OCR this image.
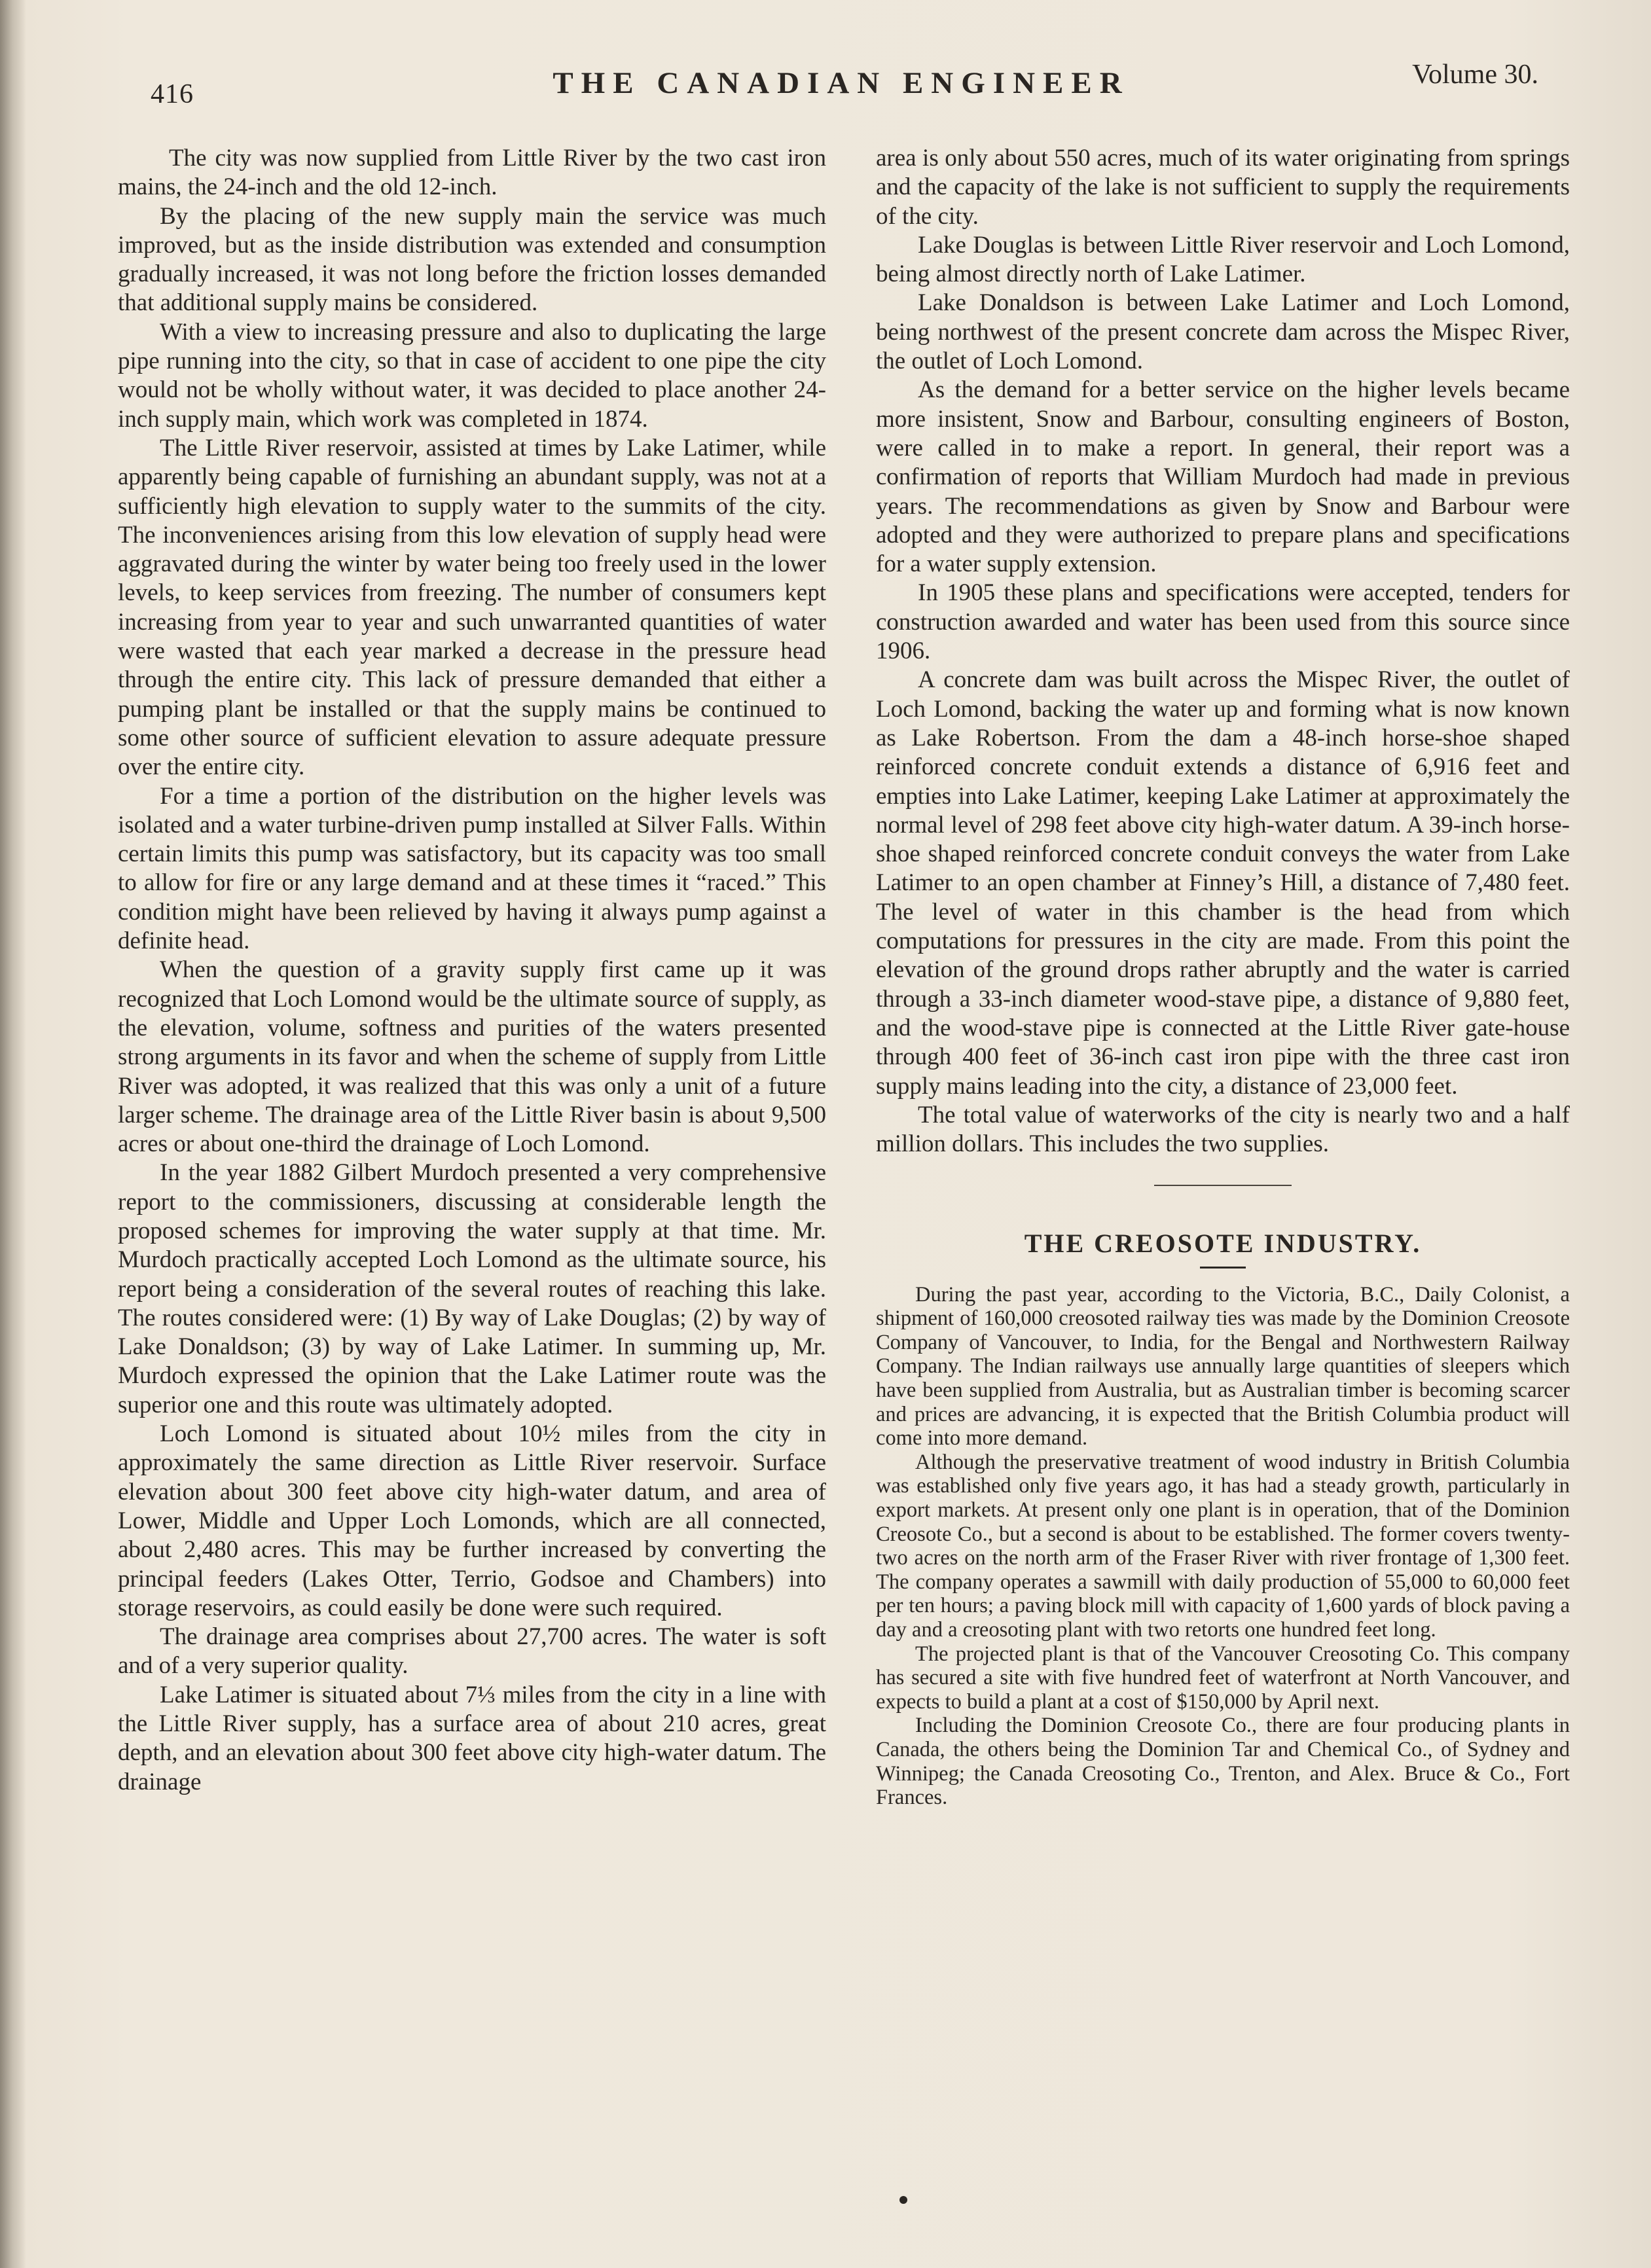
416	THE CANADIAN ENGINEER	Volume 30.

The city was now supplied from Little River by the two cast iron mains, the 24-inch and the old 12-inch.

By the placing of the new supply main the service was much improved, but as the inside distribution was extended and consumption gradually increased, it was not long before the friction losses demanded that additional supply mains be considered.

With a view to increasing pressure and also to duplicating the large pipe running into the city, so that in case of accident to one pipe the city would not be wholly without water, it was decided to place another 24-inch supply main, which work was completed in 1874.

The Little River reservoir, assisted at times by Lake Latimer, while apparently being capable of furnishing an abundant supply, was not at a sufficiently high elevation to supply water to the summits of the city. The inconveniences arising from this low elevation of supply head were aggravated during the winter by water being too freely used in the lower levels, to keep services from freezing. The number of consumers kept increasing from year to year and such unwarranted quantities of water were wasted that each year marked a decrease in the pressure head through the entire city. This lack of pressure demanded that either a pumping plant be installed or that the supply mains be continued to some other source of sufficient elevation to assure adequate pressure over the entire city.

For a time a portion of the distribution on the higher levels was isolated and a water turbine-driven pump installed at Silver Falls. Within certain limits this pump was satisfactory, but its capacity was too small to allow for fire or any large demand and at these times it “raced.” This condition might have been relieved by having it always pump against a definite head.

When the question of a gravity supply first came up it was recognized that Loch Lomond would be the ultimate source of supply, as the elevation, volume, softness and purities of the waters presented strong arguments in its favor and when the scheme of supply from Little River was adopted, it was realized that this was only a unit of a future larger scheme. The drainage area of the Little River basin is about 9,500 acres or about one-third the drainage of Loch Lomond.

In the year 1882 Gilbert Murdoch presented a very comprehensive report to the commissioners, discussing at considerable length the proposed schemes for improving the water supply at that time. Mr. Murdoch practically accepted Loch Lomond as the ultimate source, his report being a consideration of the several routes of reaching this lake. The routes considered were: (1) By way of Lake Douglas; (2) by way of Lake Donaldson; (3) by way of Lake Latimer. In summing up, Mr. Murdoch expressed the opinion that the Lake Latimer route was the superior one and this route was ultimately adopted.

Loch Lomond is situated about 10½ miles from the city in approximately the same direction as Little River reservoir. Surface elevation about 300 feet above city high-water datum, and area of Lower, Middle and Upper Loch Lomonds, which are all connected, about 2,480 acres. This may be further increased by converting the principal feeders (Lakes Otter, Terrio, Godsoe and Chambers) into storage reservoirs, as could easily be done were such required.

The drainage area comprises about 27,700 acres. The water is soft and of a very superior quality.

Lake Latimer is situated about 7⅓ miles from the city in a line with the Little River supply, has a surface area of about 210 acres, great depth, and an elevation about 300 feet above city high-water datum. The drainage

area is only about 550 acres, much of its water originating from springs and the capacity of the lake is not sufficient to supply the requirements of the city.

Lake Douglas is between Little River reservoir and Loch Lomond, being almost directly north of Lake Latimer.

Lake Donaldson is between Lake Latimer and Loch Lomond, being northwest of the present concrete dam across the Mispec River, the outlet of Loch Lomond.

As the demand for a better service on the higher levels became more insistent, Snow and Barbour, consulting engineers of Boston, were called in to make a report. In general, their report was a confirmation of reports that William Murdoch had made in previous years. The recommendations as given by Snow and Barbour were adopted and they were authorized to prepare plans and specifications for a water supply extension.

In 1905 these plans and specifications were accepted, tenders for construction awarded and water has been used from this source since 1906.

A concrete dam was built across the Mispec River, the outlet of Loch Lomond, backing the water up and forming what is now known as Lake Robertson. From the dam a 48-inch horse-shoe shaped reinforced concrete conduit extends a distance of 6,916 feet and empties into Lake Latimer, keeping Lake Latimer at approximately the normal level of 298 feet above city high-water datum. A 39-inch horse-shoe shaped reinforced concrete conduit conveys the water from Lake Latimer to an open chamber at Finney’s Hill, a distance of 7,480 feet. The level of water in this chamber is the head from which computations for pressures in the city are made. From this point the elevation of the ground drops rather abruptly and the water is carried through a 33-inch diameter wood-stave pipe, a distance of 9,880 feet, and the wood-stave pipe is connected at the Little River gate-house through 400 feet of 36-inch cast iron pipe with the three cast iron supply mains leading into the city, a distance of 23,000 feet.

The total value of waterworks of the city is nearly two and a half million dollars. This includes the two supplies.

THE CREOSOTE INDUSTRY.

During the past year, according to the Victoria, B.C., Daily Colonist, a shipment of 160,000 creosoted railway ties was made by the Dominion Creosote Company of Vancouver, to India, for the Bengal and Northwestern Railway Company. The Indian railways use annually large quantities of sleepers which have been supplied from Australia, but as Australian timber is becoming scarcer and prices are advancing, it is expected that the British Columbia product will come into more demand.

Although the preservative treatment of wood industry in British Columbia was established only five years ago, it has had a steady growth, particularly in export markets. At present only one plant is in operation, that of the Dominion Creosote Co., but a second is about to be established. The former covers twenty-two acres on the north arm of the Fraser River with river frontage of 1,300 feet. The company operates a sawmill with daily production of 55,000 to 60,000 feet per ten hours; a paving block mill with capacity of 1,600 yards of block paving a day and a creosoting plant with two retorts one hundred feet long.

The projected plant is that of the Vancouver Creosoting Co. This company has secured a site with five hundred feet of waterfront at North Vancouver, and expects to build a plant at a cost of $150,000 by April next.

Including the Dominion Creosote Co., there are four producing plants in Canada, the others being the Dominion Tar and Chemical Co., of Sydney and Winnipeg; the Canada Creosoting Co., Trenton, and Alex. Bruce & Co., Fort Frances.
